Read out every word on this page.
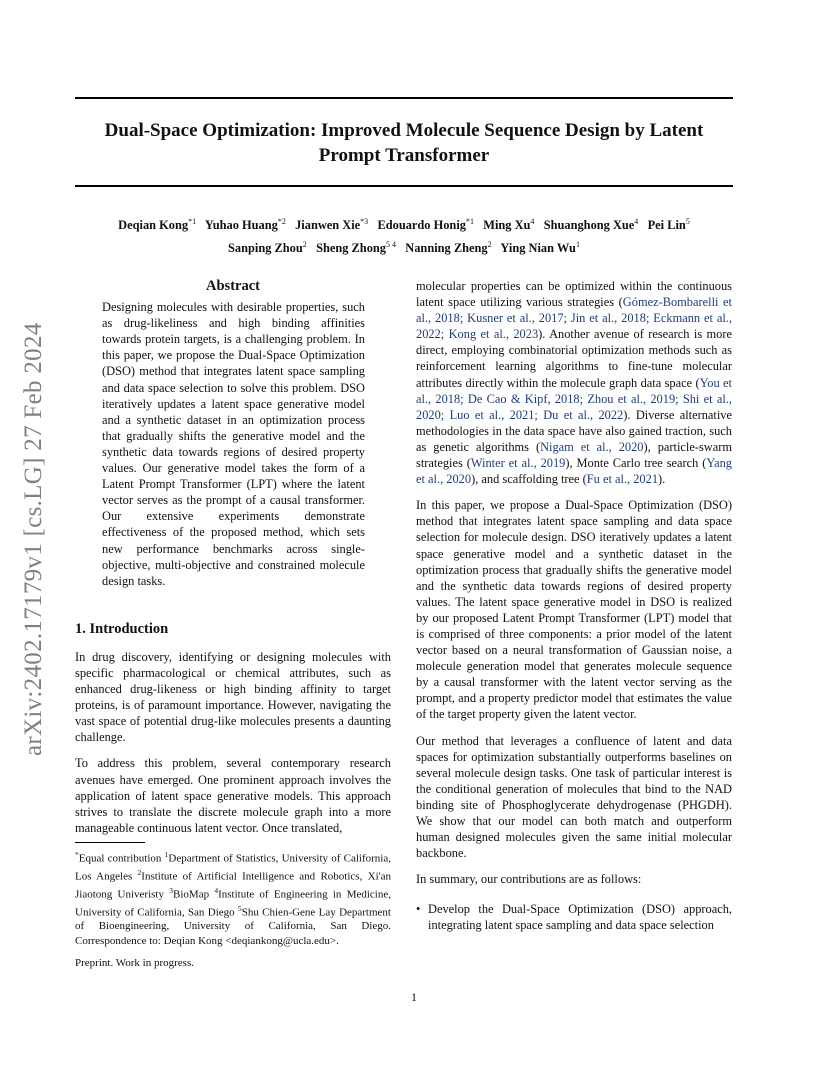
Dual-Space Optimization: Improved Molecule Sequence Design by Latent Prompt Transformer
Deqian Kong$^{*1}$ Yuhao Huang$^{*2}$ Jianwen Xie$^{*3}$ Edouardo Honig$^{*1}$ Ming Xu$^4$ Shuanghong Xue$^4$ Pei Lin$^5$
Sanping Zhou$^2$ Sheng Zhong$^{5 4}$ Nanning Zheng$^2$ Ying Nian Wu$^1$
arXiv:2402.17179v1 [cs.LG] 27 Feb 2024
Abstract

Designing molecules with desirable properties, such as drug-likeliness and high binding affinities towards protein targets, is a challenging problem. In this paper, we propose the Dual-Space Optimization (DSO) method that integrates latent space sampling and data space selection to solve this problem. DSO iteratively updates a latent space generative model and a synthetic dataset in an optimization process that gradually shifts the generative model and the synthetic data towards regions of desired property values. Our generative model takes the form of a Latent Prompt Transformer (LPT) where the latent vector serves as the prompt of a causal transformer. Our extensive experiments demonstrate effectiveness of the proposed method, which sets new performance benchmarks across single-objective, multi-objective and constrained molecule design tasks.

1. Introduction

In drug discovery, identifying or designing molecules with specific pharmacological or chemical attributes, such as enhanced drug-likeness or high binding affinity to target proteins, is of paramount importance. However, navigating the vast space of potential drug-like molecules presents a daunting challenge.

To address this problem, several contemporary research avenues have emerged. One prominent approach involves the application of latent space generative models. This approach strives to translate the discrete molecule graph into a more manageable continuous latent vector. Once translated,

*Equal contribution $^1$Department of Statistics, University of California, Los Angeles $^2$Institute of Artificial Intelligence and Robotics, Xi'an Jiaotong Univeristy $^3$BioMap $^4$Institute of Engineering in Medicine, University of California, San Diego $^5$Shu Chien-Gene Lay Department of Bioengineering, University of California, San Diego. Correspondence to: Deqian Kong <deqiankong@ucla.edu>.
Preprint. Work in progress.

molecular properties can be optimized within the continuous latent space utilizing various strategies (Gómez-Bombarelli et al., 2018; Kusner et al., 2017; Jin et al., 2018; Eckmann et al., 2022; Kong et al., 2023). Another avenue of research is more direct, employing combinatorial optimization methods such as reinforcement learning algorithms to fine-tune molecular attributes directly within the molecule graph data space (You et al., 2018; De Cao & Kipf, 2018; Zhou et al., 2019; Shi et al., 2020; Luo et al., 2021; Du et al., 2022). Diverse alternative methodologies in the data space have also gained traction, such as genetic algorithms (Nigam et al., 2020), particle-swarm strategies (Winter et al., 2019), Monte Carlo tree search (Yang et al., 2020), and scaffolding tree (Fu et al., 2021).

In this paper, we propose a Dual-Space Optimization (DSO) method that integrates latent space sampling and data space selection for molecule design. DSO iteratively updates a latent space generative model and a synthetic dataset in the optimization process that gradually shifts the generative model and the synthetic data towards regions of desired property values. The latent space generative model in DSO is realized by our proposed Latent Prompt Transformer (LPT) model that is comprised of three components: a prior model of the latent vector based on a neural transformation of Gaussian noise, a molecule generation model that generates molecule sequence by a causal transformer with the latent vector serving as the prompt, and a property predictor model that estimates the value of the target property given the latent vector.

Our method that leverages a confluence of latent and data spaces for optimization substantially outperforms baselines on several molecule design tasks. One task of particular interest is the conditional generation of molecules that bind to the NAD binding site of Phosphoglycerate dehydrogenase (PHGDH). We show that our model can both match and outperform human designed molecules given the same initial molecular backbone.

In summary, our contributions are as follows:

• Develop the Dual-Space Optimization (DSO) approach, integrating latent space sampling and data space selection
1
